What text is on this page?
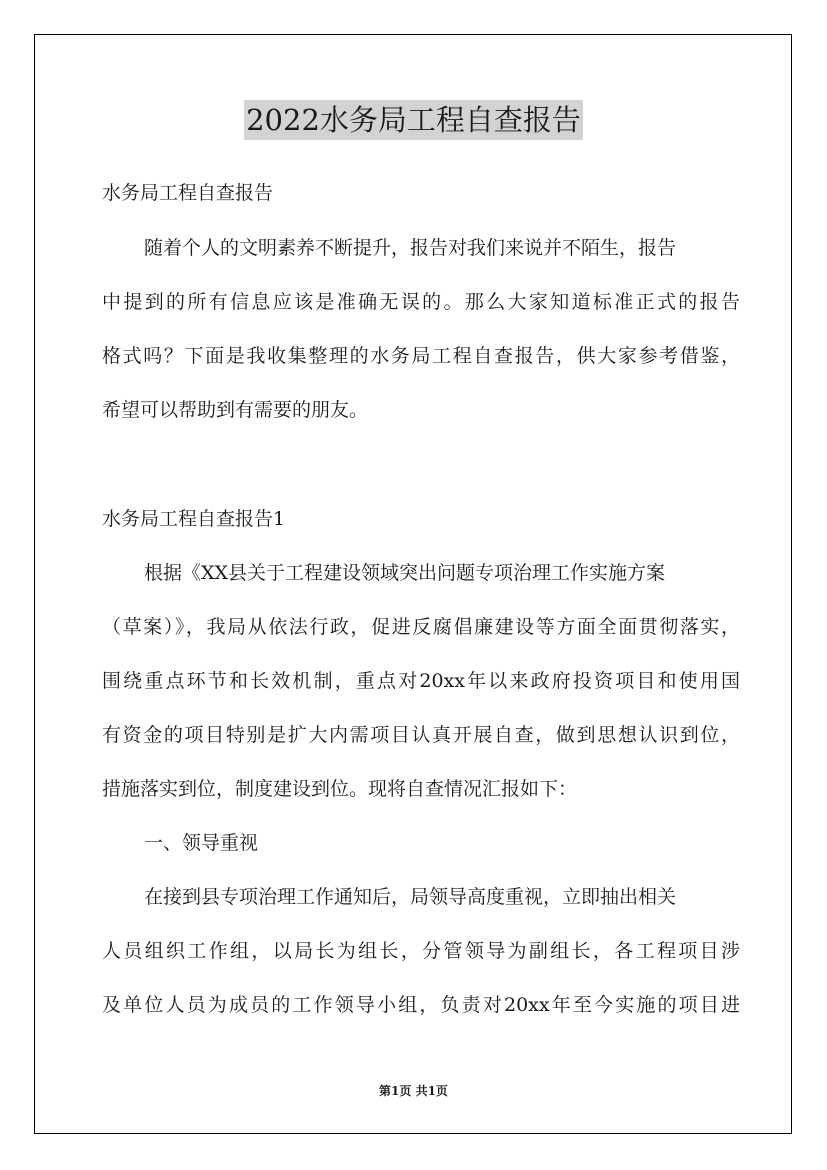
2022水务局工程自查报告
水务局工程自查报告
随着个人的文明素养不断提升，报告对我们来说并不陌生，报告
中提到的所有信息应该是准确无误的。那么大家知道标准正式的报告
格式吗？下面是我收集整理的水务局工程自查报告，供大家参考借鉴，
希望可以帮助到有需要的朋友。
水务局工程自查报告1
根据《XX县关于工程建设领域突出问题专项治理工作实施方案
（草案）》，我局从依法行政，促进反腐倡廉建设等方面全面贯彻落实，
围绕重点环节和长效机制，重点对20xx年以来政府投资项目和使用国
有资金的项目特别是扩大内需项目认真开展自查，做到思想认识到位，
措施落实到位，制度建设到位。现将自查情况汇报如下：
一、领导重视
在接到县专项治理工作通知后，局领导高度重视，立即抽出相关
人员组织工作组，以局长为组长，分管领导为副组长，各工程项目涉
及单位人员为成员的工作领导小组，负责对20xx年至今实施的项目进
第1页 共1页
